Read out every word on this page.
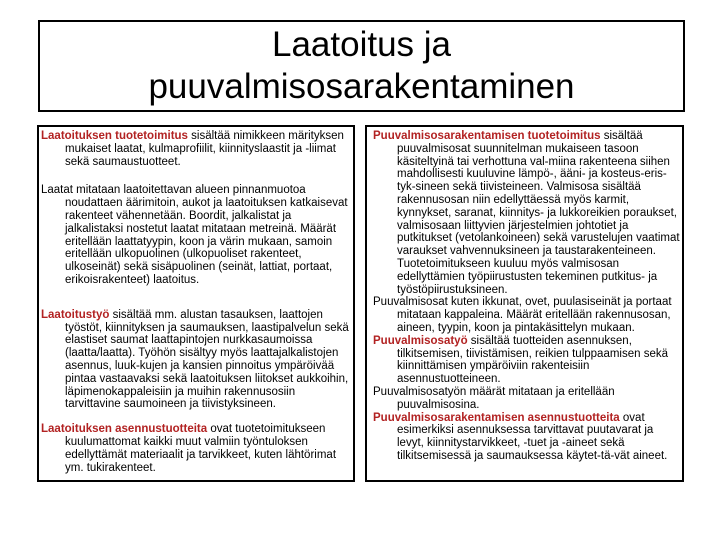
Laatoitus ja
puuvalmisosarakentaminen

Laatoituksen tuotetoimitus sisältää nimikkeen märityksen mukaiset laatat, kulmaprofiilit, kiinnityslaastit ja -liimat sekä saumaustuotteet.

Laatat mitataan laatoitettavan alueen pinnanmuotoa noudattaen äärimitoin, aukot ja laatoituksen katkaisevat rakenteet vähennetään. Boordit, jalkalistat ja jalkalistaksi nostetut laatat mitataan metreinä. Määrät eritellään laattatyypin, koon ja värin mukaan, samoin eritellään ulkopuolinen (ulkopuoliset rakenteet, ulkoseinät) sekä sisäpuolinen (seinät, lattiat, portaat, erikoisrakenteet) laatoitus.

Laatoitustyö sisältää mm. alustan tasauksen, laattojen työstöt, kiinnityksen ja saumauksen, laastipalvelun sekä elastiset saumat laattapintojen nurkkasaumoissa (laatta/laatta). Työhön sisältyy myös laattajalkalistojen asennus, luuk-kujen ja kansien pinnoitus ympäröivää pintaa vastaavaksi sekä laatoituksen liitokset aukkoihin, läpimenokappaleisiin ja muihin rakennusosiin tarvittavine saumoineen ja tiivistyksineen.

Laatoituksen asennustuotteita ovat tuotetoimitukseen kuulumattomat kaikki muut valmiin työntuloksen edellyttämät materiaalit ja tarvikkeet, kuten lähtörimat ym. tukirakenteet.

Puuvalmisosarakentamisen tuotetoimitus sisältää puuvalmisosat suunnitelman mukaiseen tasoon käsiteltyinä tai verhottuna val-miina rakenteena siihen mahdollisesti kuuluvine lämpö-, ääni- ja kosteus-eris-tyk-sineen sekä tiivisteineen. Valmisosa sisältää rakennusosan niin edellyttäessä myös karmit, kynnykset, saranat, kiinnitys- ja lukkoreikien poraukset, valmisosaan liittyvien järjestelmien johtotiet ja putkitukset (vetolankoineen) sekä varustelujen vaatimat varaukset vahvennuksineen ja taustarakenteineen. Tuotetoimitukseen kuuluu myös valmisosan edellyttämien työpiirustusten tekeminen putkitus- ja työstöpiirustuksineen.

Puuvalmisosat kuten ikkunat, ovet, puulasiseinät ja portaat mitataan kappaleina. Määrät eritellään rakennusosan, aineen, tyypin, koon ja pintakäsittelyn mukaan.

Puuvalmisosatyö sisältää tuotteiden asennuksen, tilkitsemisen, tiivistämisen, reikien tulppaamisen sekä kiinnittämisen ympäröiviin rakenteisiin asennustuotteineen.

Puuvalmisosatyön määrät mitataan ja eritellään puuvalmisosina.

Puuvalmisosarakentamisen asennustuotteita ovat esimerkiksi asennuksessa tarvittavat puutavarat ja levyt, kiinnitystarvikkeet, -tuet ja -aineet sekä tilkitsemisessä ja saumauksessa käytet-tä-vät aineet.
